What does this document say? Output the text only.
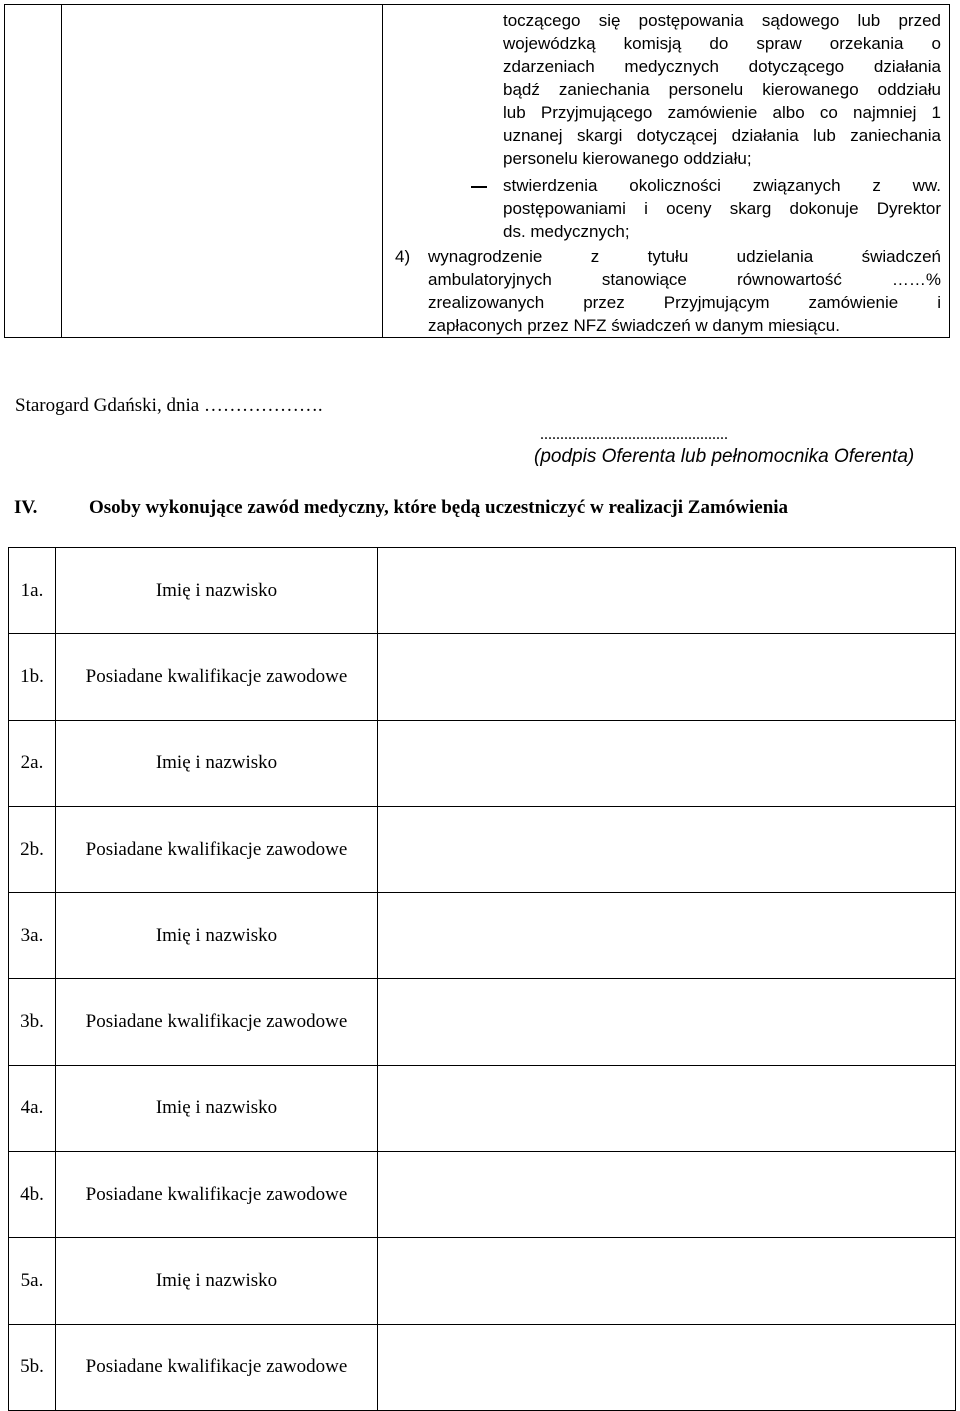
toczącego się postępowania sądowego lub przed
wojewódzką komisją do spraw orzekania o
zdarzeniach medycznych dotyczącego działania
bądź zaniechania personelu kierowanego oddziału
lub Przyjmującego zamówienie albo co najmniej 1
uznanej skargi dotyczącej działania lub zaniechania
personelu kierowanego oddziału;
stwierdzenia okoliczności związanych z ww.
postępowaniami i oceny skarg dokonuje Dyrektor
ds. medycznych;
4) wynagrodzenie z tytułu udzielania świadczeń
ambulatoryjnych stanowiące równowartość ……%
zrealizowanych przez Przyjmującym zamówienie i
zapłaconych przez NFZ świadczeń w danym miesiącu.
Starogard Gdański, dnia ……………….
...............................................
(podpis Oferenta lub pełnomocnika Oferenta)
IV.	Osoby wykonujące zawód medyczny, które będą uczestniczyć w realizacji Zamówienia
1a.	Imię i nazwisko	
1b.	Posiadane kwalifikacje zawodowe	
2a.	Imię i nazwisko	
2b.	Posiadane kwalifikacje zawodowe	
3a.	Imię i nazwisko	
3b.	Posiadane kwalifikacje zawodowe	
4a.	Imię i nazwisko	
4b.	Posiadane kwalifikacje zawodowe	
5a.	Imię i nazwisko	
5b.	Posiadane kwalifikacje zawodowe	
